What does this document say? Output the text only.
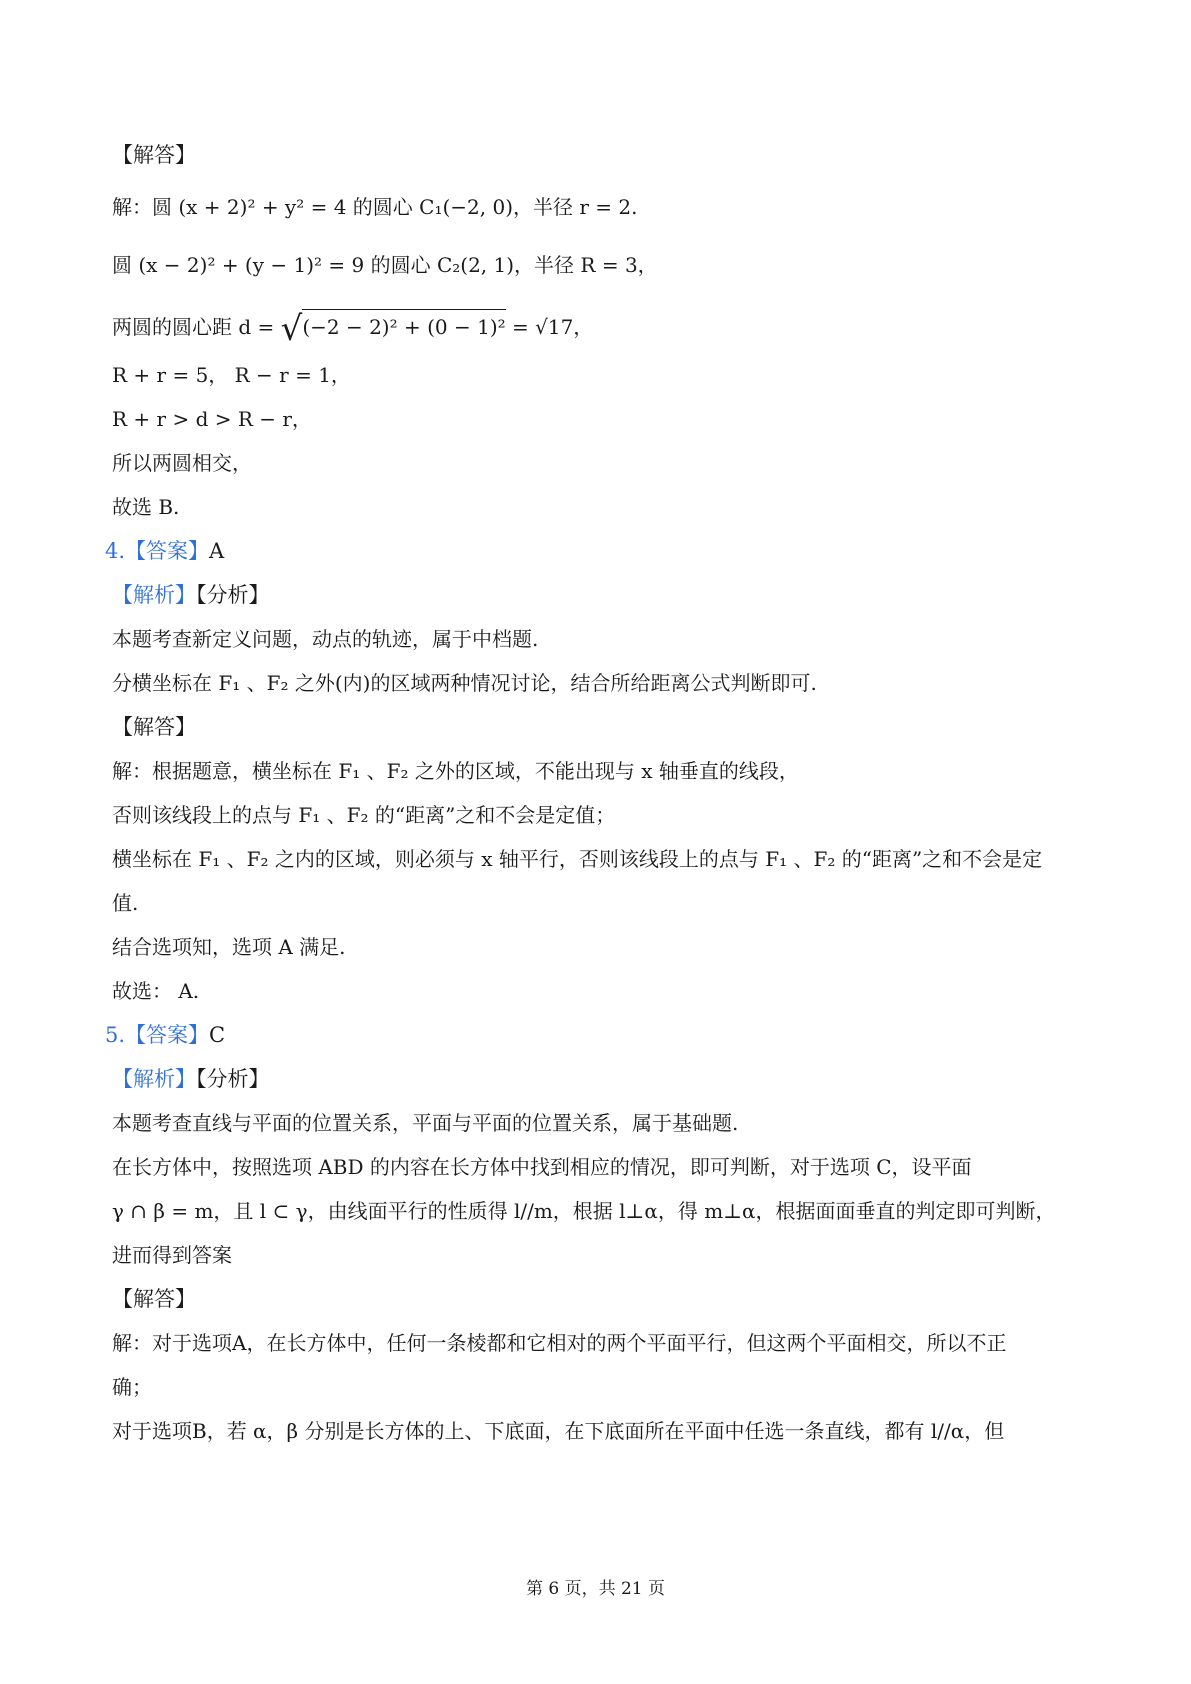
【解答】
解：圆 (x + 2)² + y² = 4 的圆心 C₁(−2, 0)，半径 r = 2.
圆 (x − 2)² + (y − 1)² = 9 的圆心 C₂(2, 1)，半径 R = 3，
两圆的圆心距 d = √(−2 − 2)² + (0 − 1)² = √17，
R + r = 5， R − r = 1，
R + r > d > R − r，
所以两圆相交，
故选 B.
4.【答案】A
【解析】【分析】
本题考查新定义问题，动点的轨迹，属于中档题.
分横坐标在 F₁ 、F₂ 之外(内)的区域两种情况讨论，结合所给距离公式判断即可.
【解答】
解：根据题意，横坐标在 F₁ 、F₂ 之外的区域，不能出现与 x 轴垂直的线段，
否则该线段上的点与 F₁ 、F₂ 的“距离”之和不会是定值；
横坐标在 F₁ 、F₂ 之内的区域，则必须与 x 轴平行，否则该线段上的点与 F₁ 、F₂ 的“距离”之和不会是定
值.
结合选项知，选项 A 满足.
故选： A.
5.【答案】C
【解析】【分析】
本题考查直线与平面的位置关系，平面与平面的位置关系，属于基础题.
在长方体中，按照选项 ABD 的内容在长方体中找到相应的情况，即可判断，对于选项 C，设平面
γ ∩ β = m，且 l ⊂ γ，由线面平行的性质得 l//m，根据 l⊥α，得 m⊥α，根据面面垂直的判定即可判断，
进而得到答案
【解答】
解：对于选项A，在长方体中，任何一条棱都和它相对的两个平面平行，但这两个平面相交，所以不正
确；
对于选项B，若 α，β 分别是长方体的上、下底面，在下底面所在平面中任选一条直线，都有 l//α，但
第 6 页，共 21 页
